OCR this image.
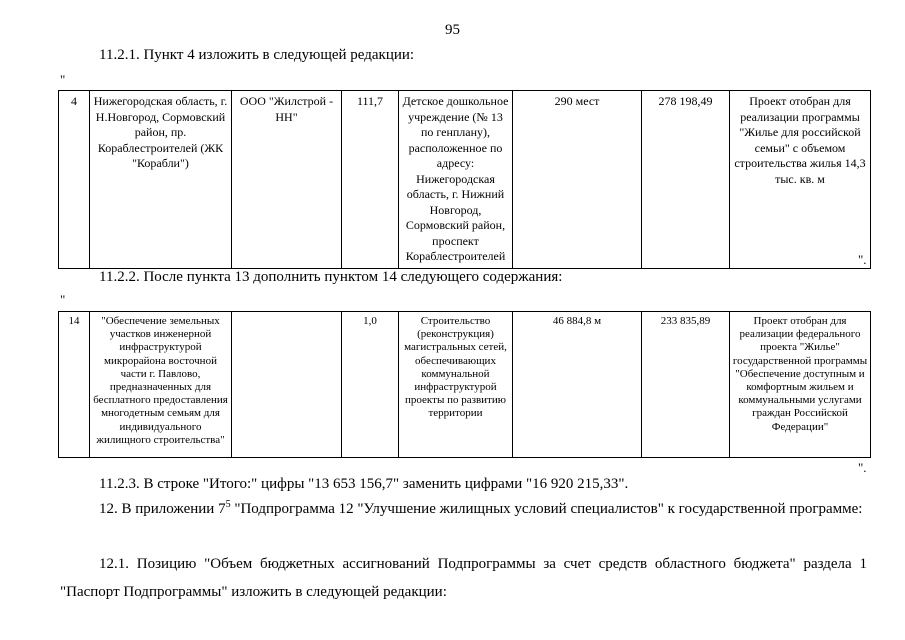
95
11.2.1. Пункт 4 изложить в следующей редакции:
"
4	Нижегородская область, г. Н.Новгород, Сормовский район, пр. Кораблестроителей (ЖК "Корабли")	ООО "Жилстрой - НН"	111,7	Детское дошкольное учреждение (№ 13 по генплану), расположенное по адресу: Нижегородская область, г. Нижний Новгород, Сормовский район, проспект Кораблестроителей	290 мест	278 198,49	Проект отобран для реализации программы "Жилье для российской семьи" с объемом строительства жилья 14,3 тыс. кв. м
".
11.2.2. После пункта 13 дополнить пунктом 14 следующего содержания:
"
14	"Обеспечение земельных участков инженерной инфраструктурой микрорайона восточной части г. Павлово, предназначенных для бесплатного предоставления многодетным семьям для индивидуального жилищного строительства"		1,0	Строительство (реконструкция) магистральных сетей, обеспечивающих коммунальной инфраструктурой проекты по развитию территории	46 884,8 м	233 835,89	Проект отобран для реализации федерального проекта "Жилье" государственной программы "Обеспечение доступным и комфортным жильем и коммунальными услугами граждан Российской Федерации"
".
11.2.3. В строке "Итого:" цифры "13 653 156,7" заменить цифрами "16 920 215,33".
12. В приложении $7^5$ "Подпрограмма 12 "Улучшение жилищных условий специалистов" к государственной программе:
12.1. Позицию "Объем бюджетных ассигнований Подпрограммы за счет средств областного бюджета" раздела 1 "Паспорт Подпрограммы" изложить в следующей редакции:
